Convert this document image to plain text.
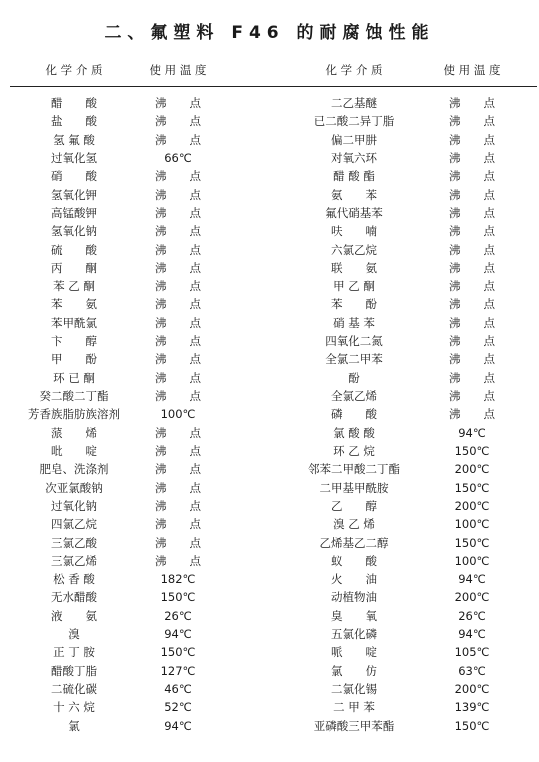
二、氟塑料 F46 的耐腐蚀性能
化 学 介 质	使 用 温 度	化 学 介 质	使 用 温 度
醋　　酸	沸　　点	二乙基醚	沸　　点
盐　　酸	沸　　点	已二酸二异丁脂	沸　　点
氢 氟 酸	沸　　点	偏二甲肼	沸　　点
过氧化氢	66℃	对氧六环	沸　　点
硝　　酸	沸　　点	醋 酸 酯	沸　　点
氢氧化钾	沸　　点	氨　　苯	沸　　点
高锰酸钾	沸　　点	氟代硝基苯	沸　　点
氢氧化钠	沸　　点	呋　　喃	沸　　点
硫　　酸	沸　　点	六氯乙烷	沸　　点
丙　　酮	沸　　点	联　　氨	沸　　点
苯 乙 酮	沸　　点	甲 乙 酮	沸　　点
苯　　氨	沸　　点	苯　　酚	沸　　点
苯甲酰氯	沸　　点	硝 基 苯	沸　　点
卞　　醇	沸　　点	四氧化二氮	沸　　点
甲　　酚	沸　　点	全氯二甲苯	沸　　点
环 已 酮	沸　　点	酚	沸　　点
癸二酸二丁酯	沸　　点	全氯乙烯	沸　　点
芳香族脂肪族溶剂	100℃	磷　　酸	沸　　点
蒎　　烯	沸　　点	氯 酸 酸	94℃
吡　　啶	沸　　点	环 乙 烷	150℃
肥皂、洗涤剂	沸　　点	邻苯二甲酸二丁酯	200℃
次亚氯酸钠	沸　　点	二甲基甲酰胺	150℃
过氧化钠	沸　　点	乙　　醇	200℃
四氯乙烷	沸　　点	溴 乙 烯	100℃
三氯乙酸	沸　　点	乙烯基乙二醇	150℃
三氯乙烯	沸　　点	蚁　　酸	100℃
松 香 酸	182℃	火　　油	94℃
无水醋酸	150℃	动植物油	200℃
液　　氨	26℃	臭　　氧	26℃
溴	94℃	五氯化磷	94℃
正 丁 胺	150℃	哌　　啶	105℃
醋酸丁脂	127℃	氯　　仿	63℃
二硫化碳	46℃	二氯化锡	200℃
十 六 烷	52℃	二 甲 苯	139℃
氯	94℃	亚磷酸三甲苯酯	150℃
